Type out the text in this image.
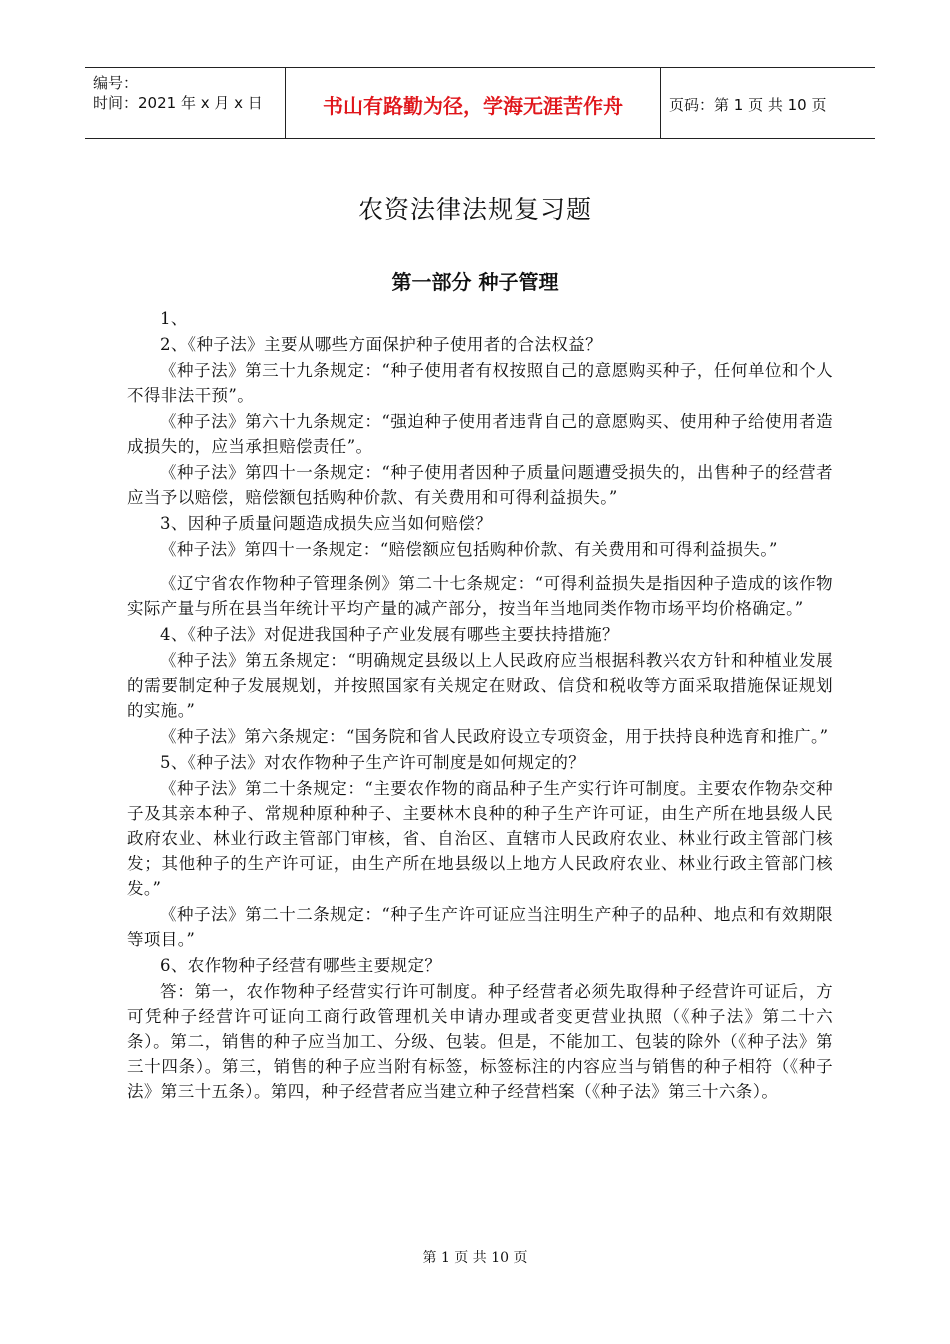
编号：
时间：2021 年 x 月 x 日	书山有路勤为径，学海无涯苦作舟	页码：第 1 页 共 10 页
农资法律法规复习题
第一部分 种子管理

1、

2、《种子法》主要从哪些方面保护种子使用者的合法权益？

《种子法》第三十九条规定：“种子使用者有权按照自己的意愿购买种子，任何单位和个人不得非法干预”。

《种子法》第六十九条规定：“强迫种子使用者违背自己的意愿购买、使用种子给使用者造成损失的，应当承担赔偿责任”。

《种子法》第四十一条规定：“种子使用者因种子质量问题遭受损失的，出售种子的经营者应当予以赔偿，赔偿额包括购种价款、有关费用和可得利益损失。”

3、因种子质量问题造成损失应当如何赔偿？

《种子法》第四十一条规定：“赔偿额应包括购种价款、有关费用和可得利益损失。”

《辽宁省农作物种子管理条例》第二十七条规定：“可得利益损失是指因种子造成的该作物实际产量与所在县当年统计平均产量的减产部分，按当年当地同类作物市场平均价格确定。”

4、《种子法》对促进我国种子产业发展有哪些主要扶持措施？

《种子法》第五条规定：“明确规定县级以上人民政府应当根据科教兴农方针和种植业发展的需要制定种子发展规划，并按照国家有关规定在财政、信贷和税收等方面采取措施保证规划的实施。”

《种子法》第六条规定：“国务院和省人民政府设立专项资金，用于扶持良种选育和推广。”

5、《种子法》对农作物种子生产许可制度是如何规定的？

《种子法》第二十条规定：“主要农作物的商品种子生产实行许可制度。主要农作物杂交种子及其亲本种子、常规种原种种子、主要林木良种的种子生产许可证，由生产所在地县级人民政府农业、林业行政主管部门审核，省、自治区、直辖市人民政府农业、林业行政主管部门核发；其他种子的生产许可证，由生产所在地县级以上地方人民政府农业、林业行政主管部门核发。”

《种子法》第二十二条规定：“种子生产许可证应当注明生产种子的品种、地点和有效期限等项目。”

6、农作物种子经营有哪些主要规定？

答：第一，农作物种子经营实行许可制度。种子经营者必须先取得种子经营许可证后，方可凭种子经营许可证向工商行政管理机关申请办理或者变更营业执照（《种子法》第二十六条）。第二，销售的种子应当加工、分级、包装。但是，不能加工、包装的除外（《种子法》第三十四条）。第三，销售的种子应当附有标签，标签标注的内容应当与销售的种子相符（《种子法》第三十五条）。第四，种子经营者应当建立种子经营档案（《种子法》第三十六条）。

第 1 页 共 10 页
